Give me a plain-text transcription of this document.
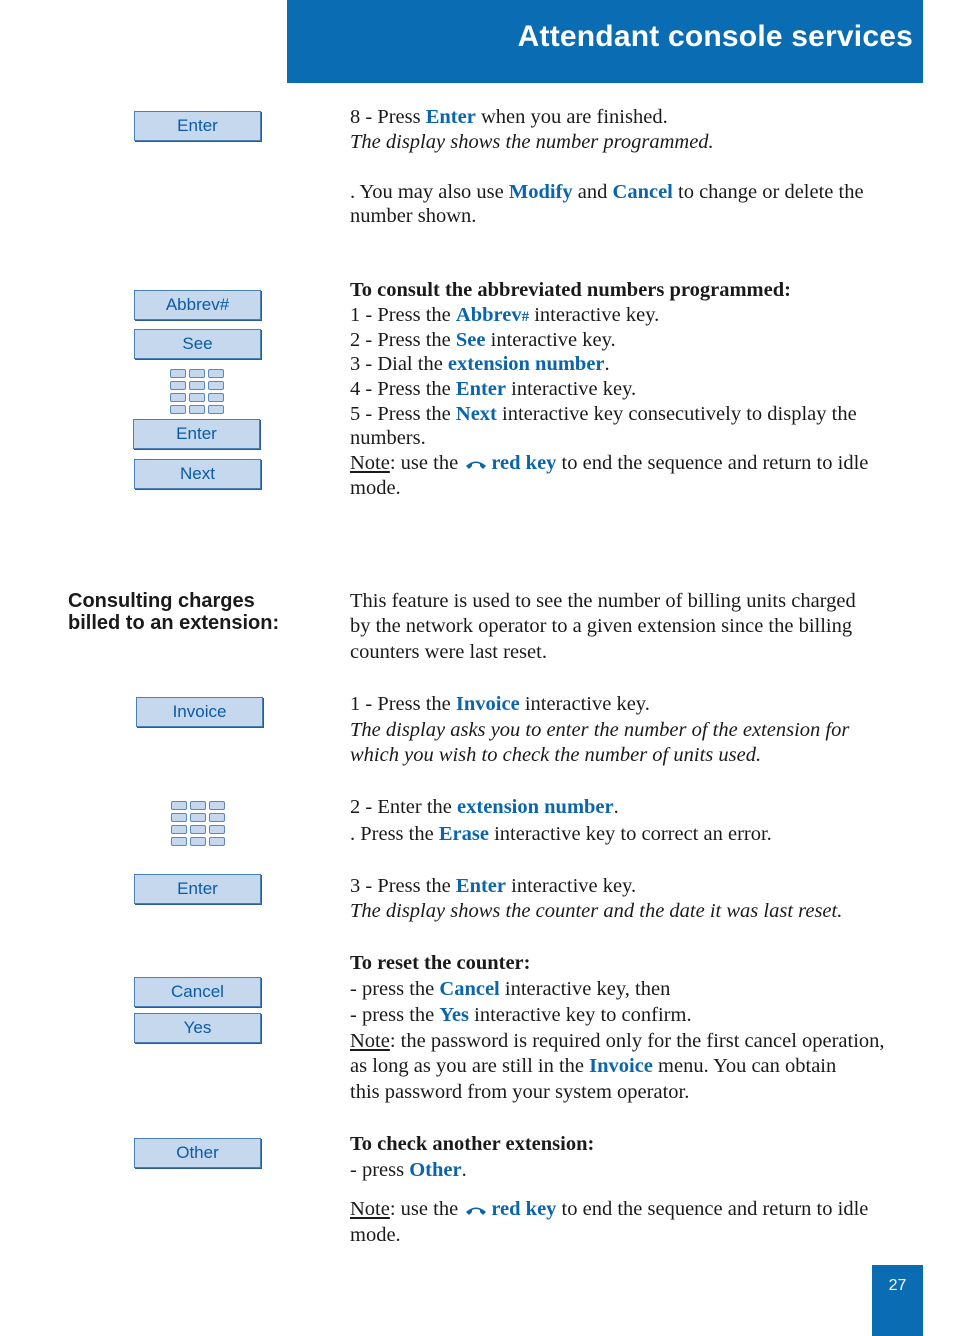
Attendant console services
Enter
Abbrev#
See
Enter
Next
Consulting charges
billed to an extension:
Invoice
Enter
Cancel
Yes
Other
8 - Press Enter when you are finished.
The display shows the number programmed.
. You may also use Modify and Cancel to change or delete the
number shown.
To consult the abbreviated numbers programmed:
1 - Press the Abbrev# interactive key.
2 - Press the See interactive key.
3 - Dial the extension number.
4 - Press the Enter interactive key.
5 - Press the Next interactive key consecutively to display the
numbers.
Note: use the red key to end the sequence and return to idle
mode.
This feature is used to see the number of billing units charged
by the network operator to a given extension since the billing
counters were last reset.
1 - Press the Invoice interactive key.
The display asks you to enter the number of the extension for
which you wish to check the number of units used.
2 - Enter the extension number.
. Press the Erase interactive key to correct an error.
3 - Press the Enter interactive key.
The display shows the counter and the date it was last reset.
To reset the counter:
- press the Cancel interactive key, then
- press the Yes interactive key to confirm.
Note: the password is required only for the first cancel operation,
as long as you are still in the Invoice menu. You can obtain
this password from your system operator.
To check another extension:
- press Other.
Note: use the red key to end the sequence and return to idle
mode.
27
